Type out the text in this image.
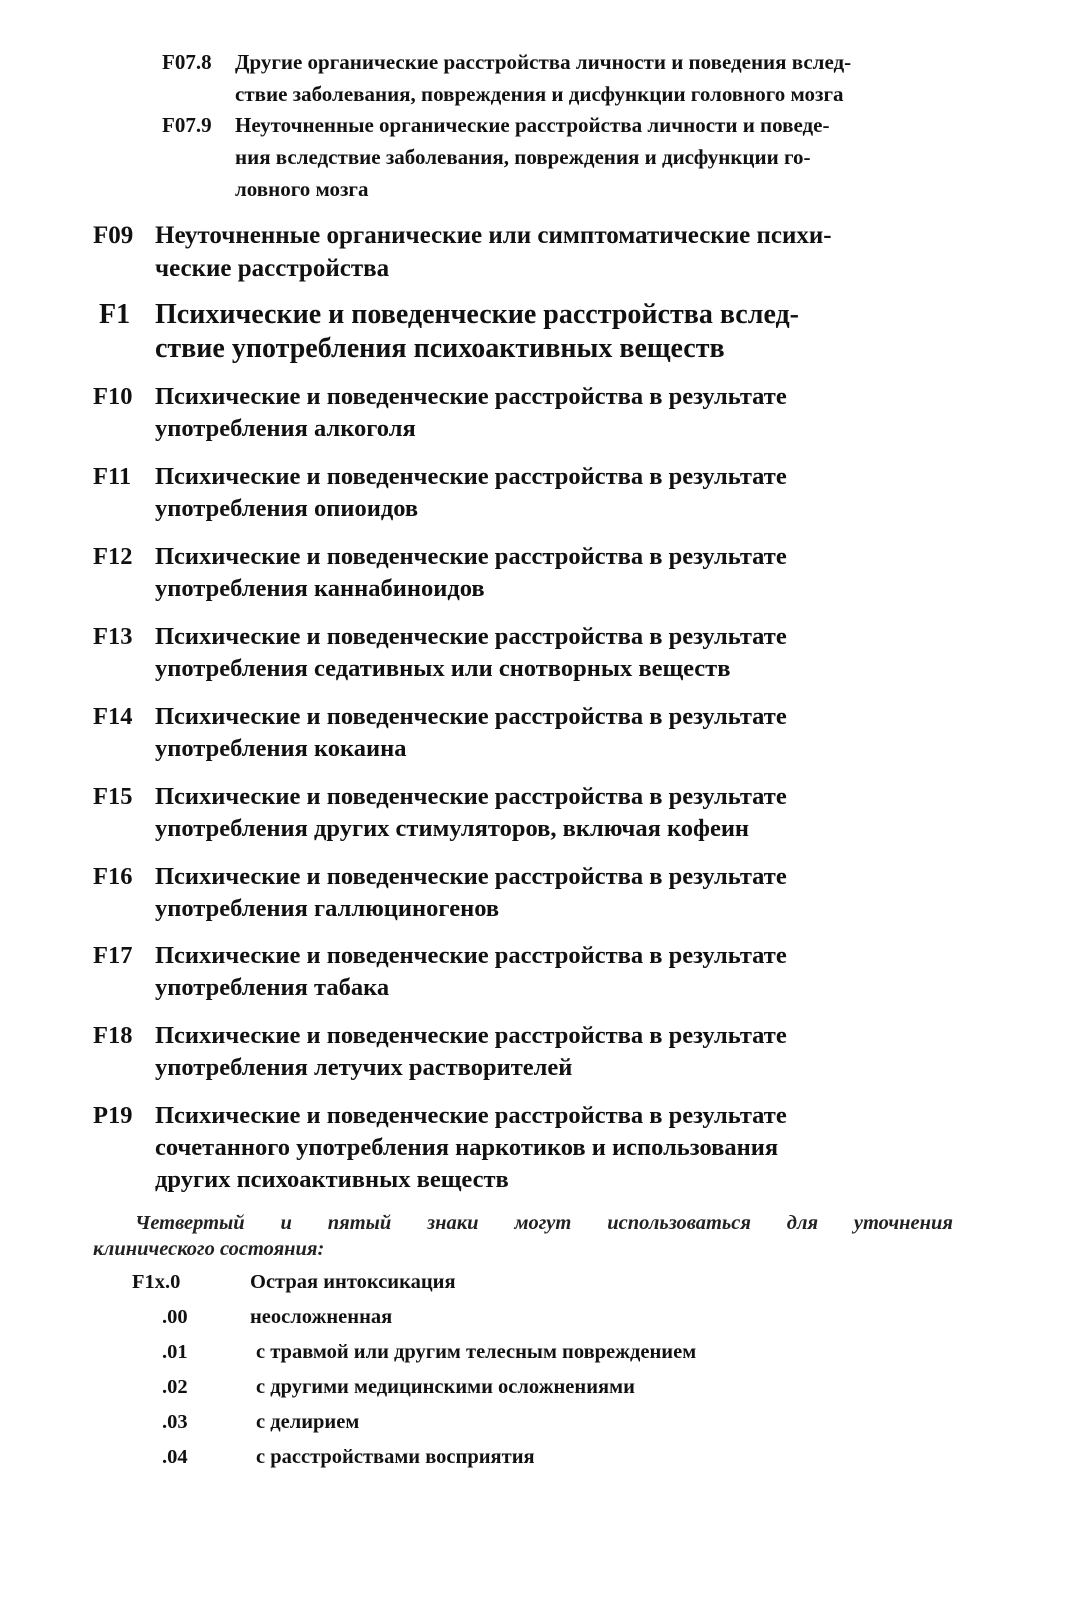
F07.8	Другие органические расстройства личности и поведения вслед-
ствие заболевания, повреждения и дисфункции головного мозга
F07.9	Неуточненные органические расстройства личности и поведе-
ния вследствие заболевания, повреждения и дисфункции го-
ловного мозга
F09 Неуточненные органические или симптоматические психи-
ческие расстройства
F1 Психические и поведенческие расстройства вслед-
ствие употребления психоактивных веществ
F10 Психические и поведенческие расстройства в результате
употребления алкоголя
F11 Психические и поведенческие расстройства в результате
употребления опиоидов
F12 Психические и поведенческие расстройства в результате
употребления каннабиноидов
F13 Психические и поведенческие расстройства в результате
употребления седативных или снотворных веществ
F14 Психические и поведенческие расстройства в результате
употребления кокаина
F15 Психические и поведенческие расстройства в результате
употребления других стимуляторов, включая кофеин
F16 Психические и поведенческие расстройства в результате
употребления галлюциногенов
F17 Психические и поведенческие расстройства в результате
употребления табака
F18 Психические и поведенческие расстройства в результате
употребления летучих растворителей
P19 Психические и поведенческие расстройства в результате
сочетанного употребления наркотиков и использования
других психоактивных веществ
Четвертый и пятый знаки могут использоваться для уточнения
клинического состояния:
F1x.0	Острая интоксикация
.00	неосложненная
.01	с травмой или другим телесным повреждением
.02	с другими медицинскими осложнениями
.03	с делирием
.04	с расстройствами восприятия
